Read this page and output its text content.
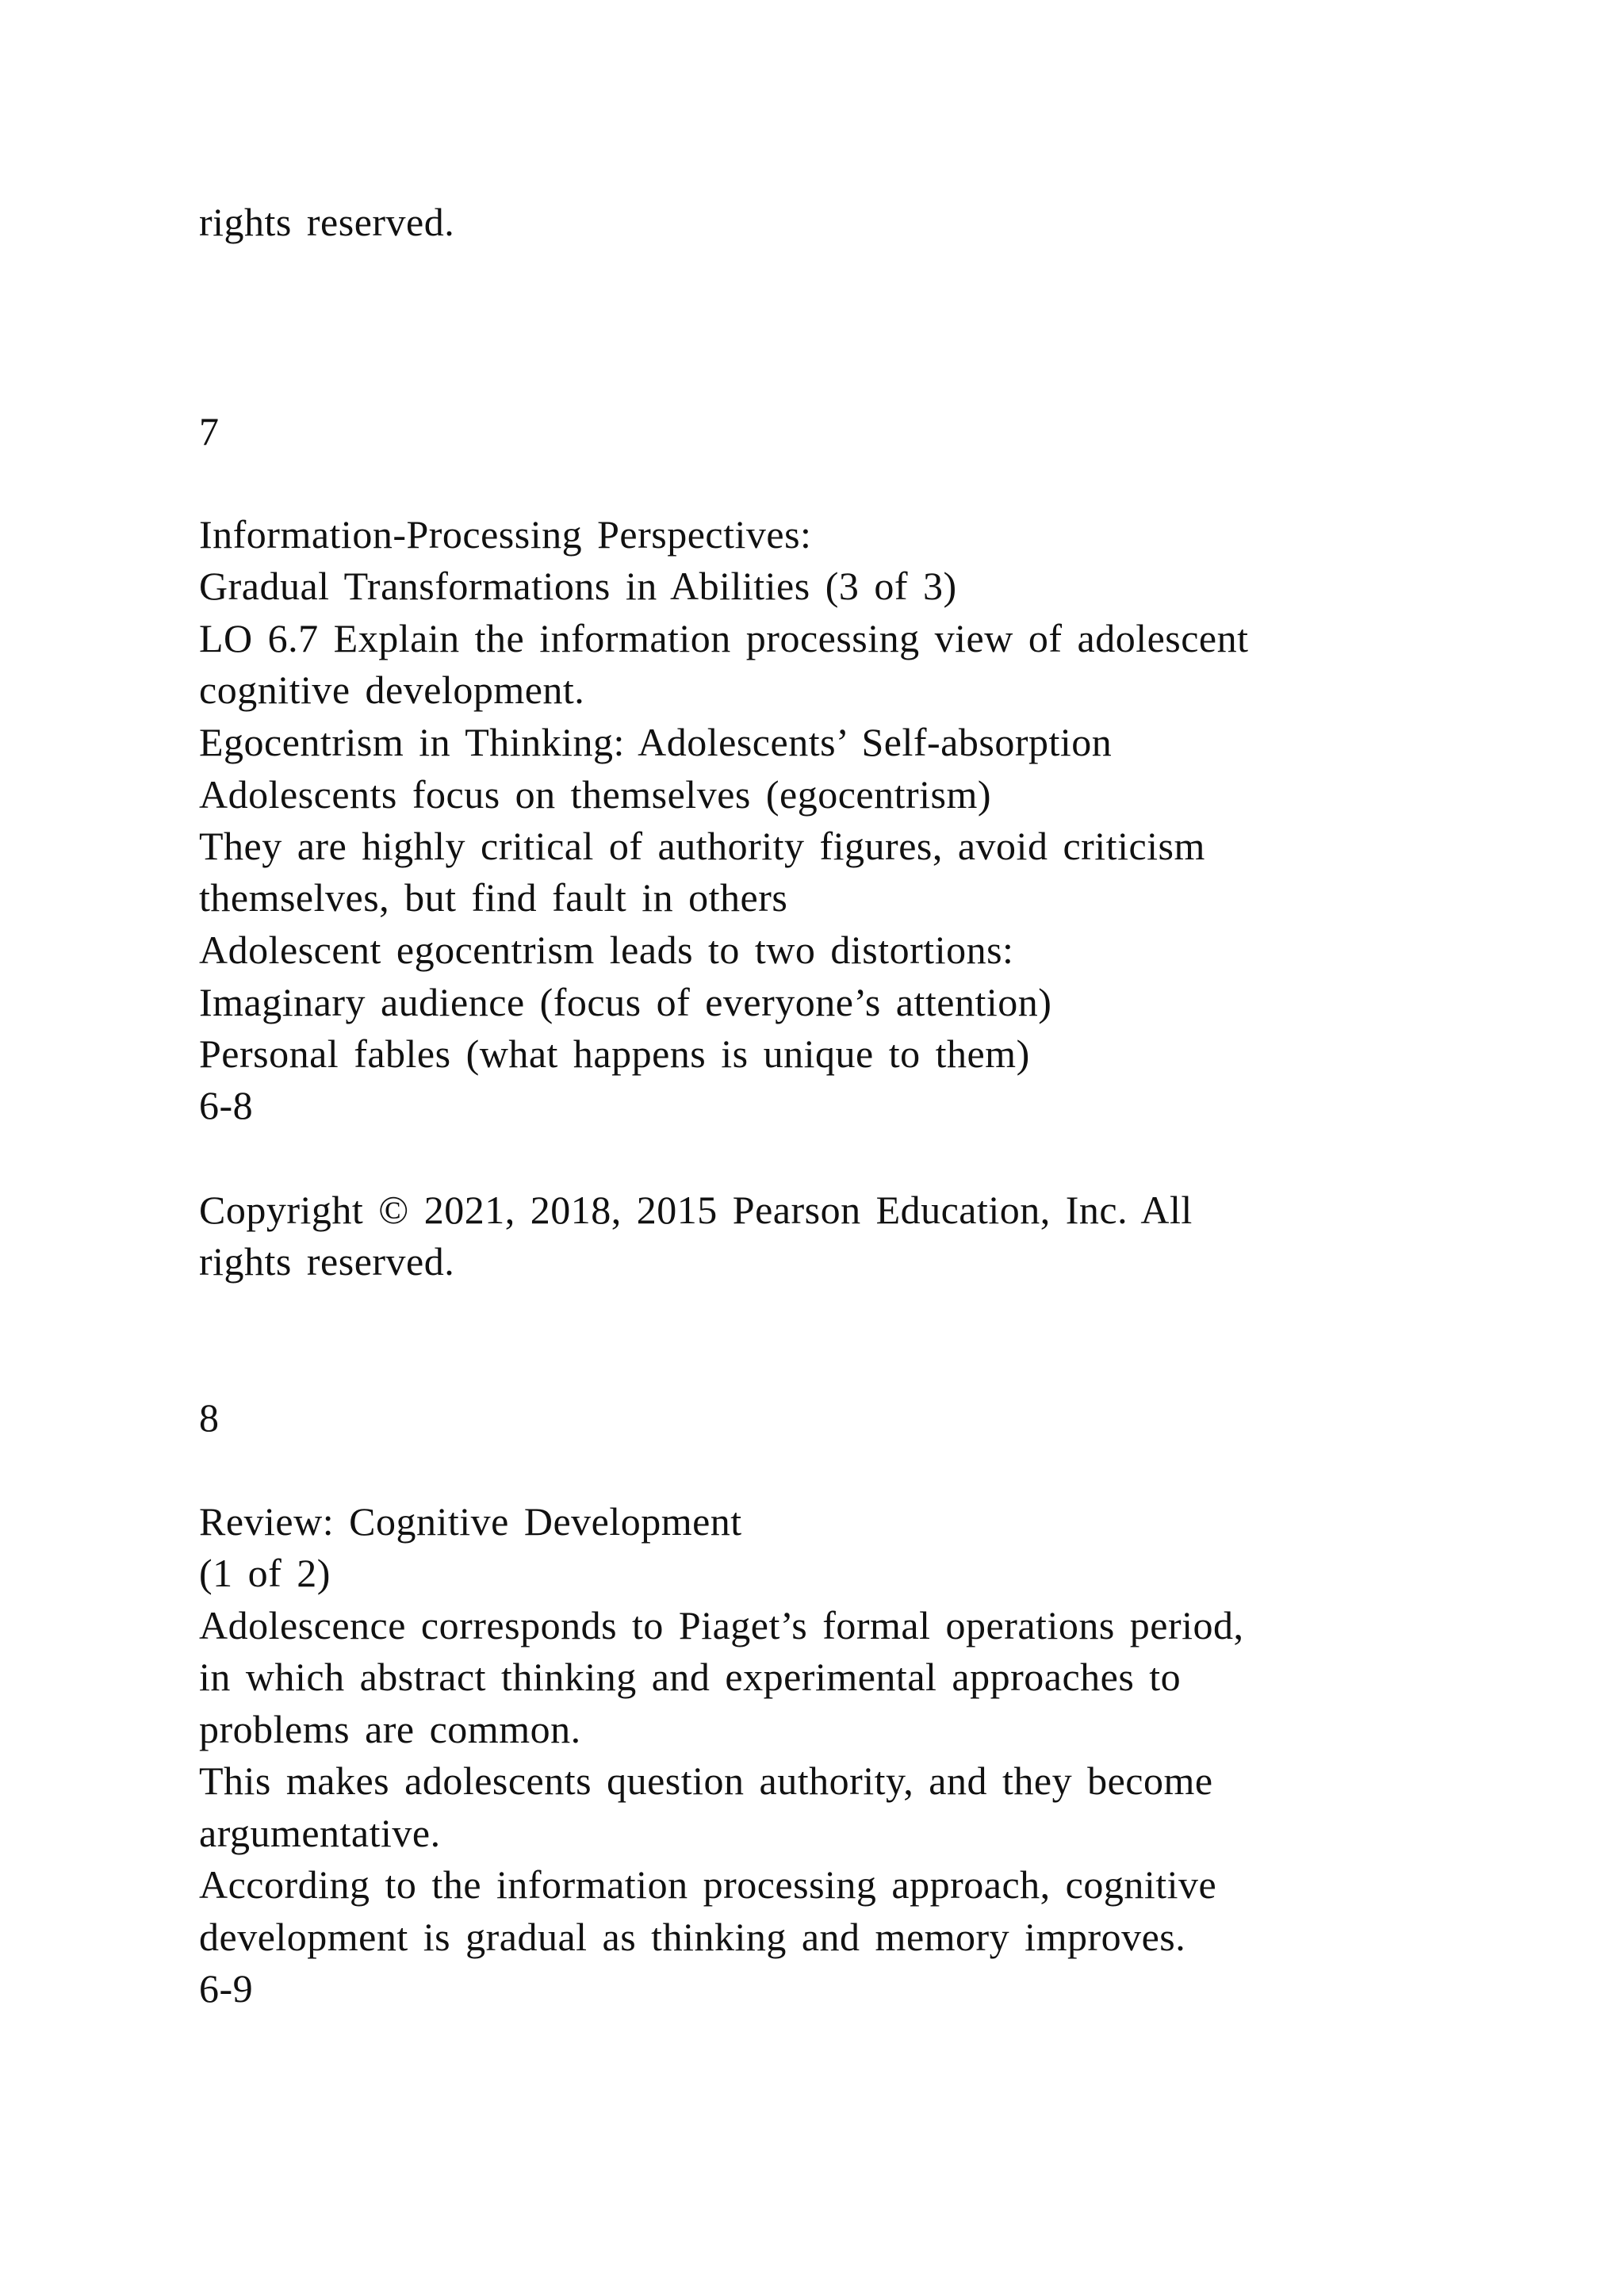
rights reserved.
7
Information-Processing Perspectives:
Gradual Transformations in Abilities (3 of 3)
LO 6.7 Explain the information processing view of adolescent
cognitive development.
Egocentrism in Thinking: Adolescents’ Self-absorption
Adolescents focus on themselves (egocentrism)
They are highly critical of authority figures, avoid criticism
themselves, but find fault in others
Adolescent egocentrism leads to two distortions:
Imaginary audience (focus of everyone’s attention)
Personal fables (what happens is unique to them)
6-8
Copyright © 2021, 2018, 2015 Pearson Education, Inc. All
rights reserved.
8
Review: Cognitive Development
(1 of 2)
Adolescence corresponds to Piaget’s formal operations period,
in which abstract thinking and experimental approaches to
problems are common.
This makes adolescents question authority, and they become
argumentative.
According to the information processing approach, cognitive
development is gradual as thinking and memory improves.
6-9
